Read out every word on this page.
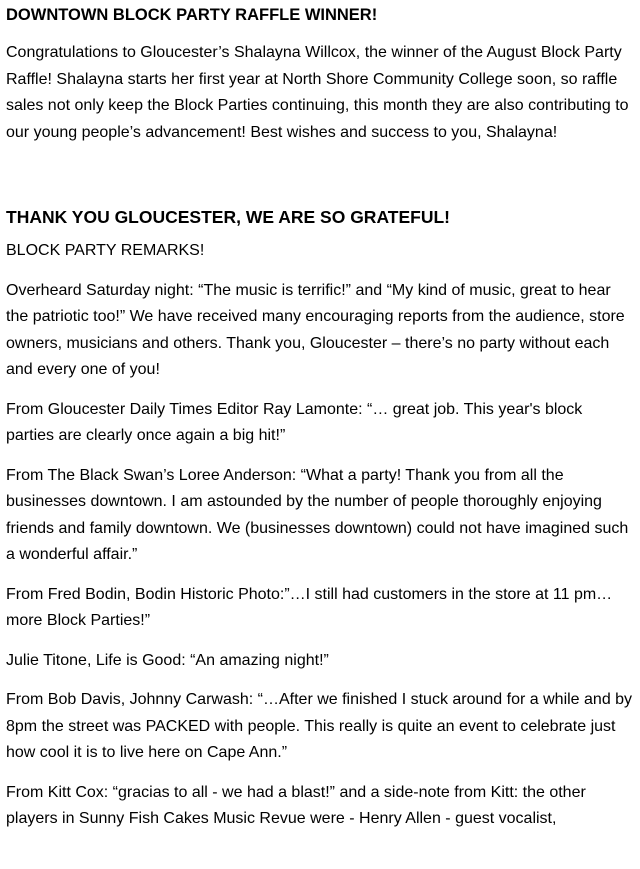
DOWNTOWN BLOCK PARTY RAFFLE WINNER!

Congratulations to Gloucester’s Shalayna Willcox, the winner of the August Block Party Raffle! Shalayna starts her first year at North Shore Community College soon, so raffle sales not only keep the Block Parties continuing, this month they are also contributing to our young people’s advancement! Best wishes and success to you, Shalayna!

THANK YOU GLOUCESTER, WE ARE SO GRATEFUL!

BLOCK PARTY REMARKS!

Overheard Saturday night: “The music is terrific!” and “My kind of music, great to hear the patriotic too!” We have received many encouraging reports from the audience, store owners, musicians and others. Thank you, Gloucester – there’s no party without each and every one of you!

From Gloucester Daily Times Editor Ray Lamonte: “… great job. This year's block parties are clearly once again a big hit!”

From The Black Swan’s Loree Anderson: “What a party! Thank you from all the businesses downtown. I am astounded by the number of people thoroughly enjoying friends and family downtown. We (businesses downtown) could not have imagined such a wonderful affair.”

From Fred Bodin, Bodin Historic Photo:”…I still had customers in the store at 11 pm…more Block Parties!”

Julie Titone, Life is Good: “An amazing night!”

From Bob Davis, Johnny Carwash: “…After we finished I stuck around for a while and by 8pm the street was PACKED with people. This really is quite an event to celebrate just how cool it is to live here on Cape Ann.”

From Kitt Cox: “gracias to all - we had a blast!” and a side-note from Kitt: the other players in Sunny Fish Cakes Music Revue were - Henry Allen - guest vocalist,
